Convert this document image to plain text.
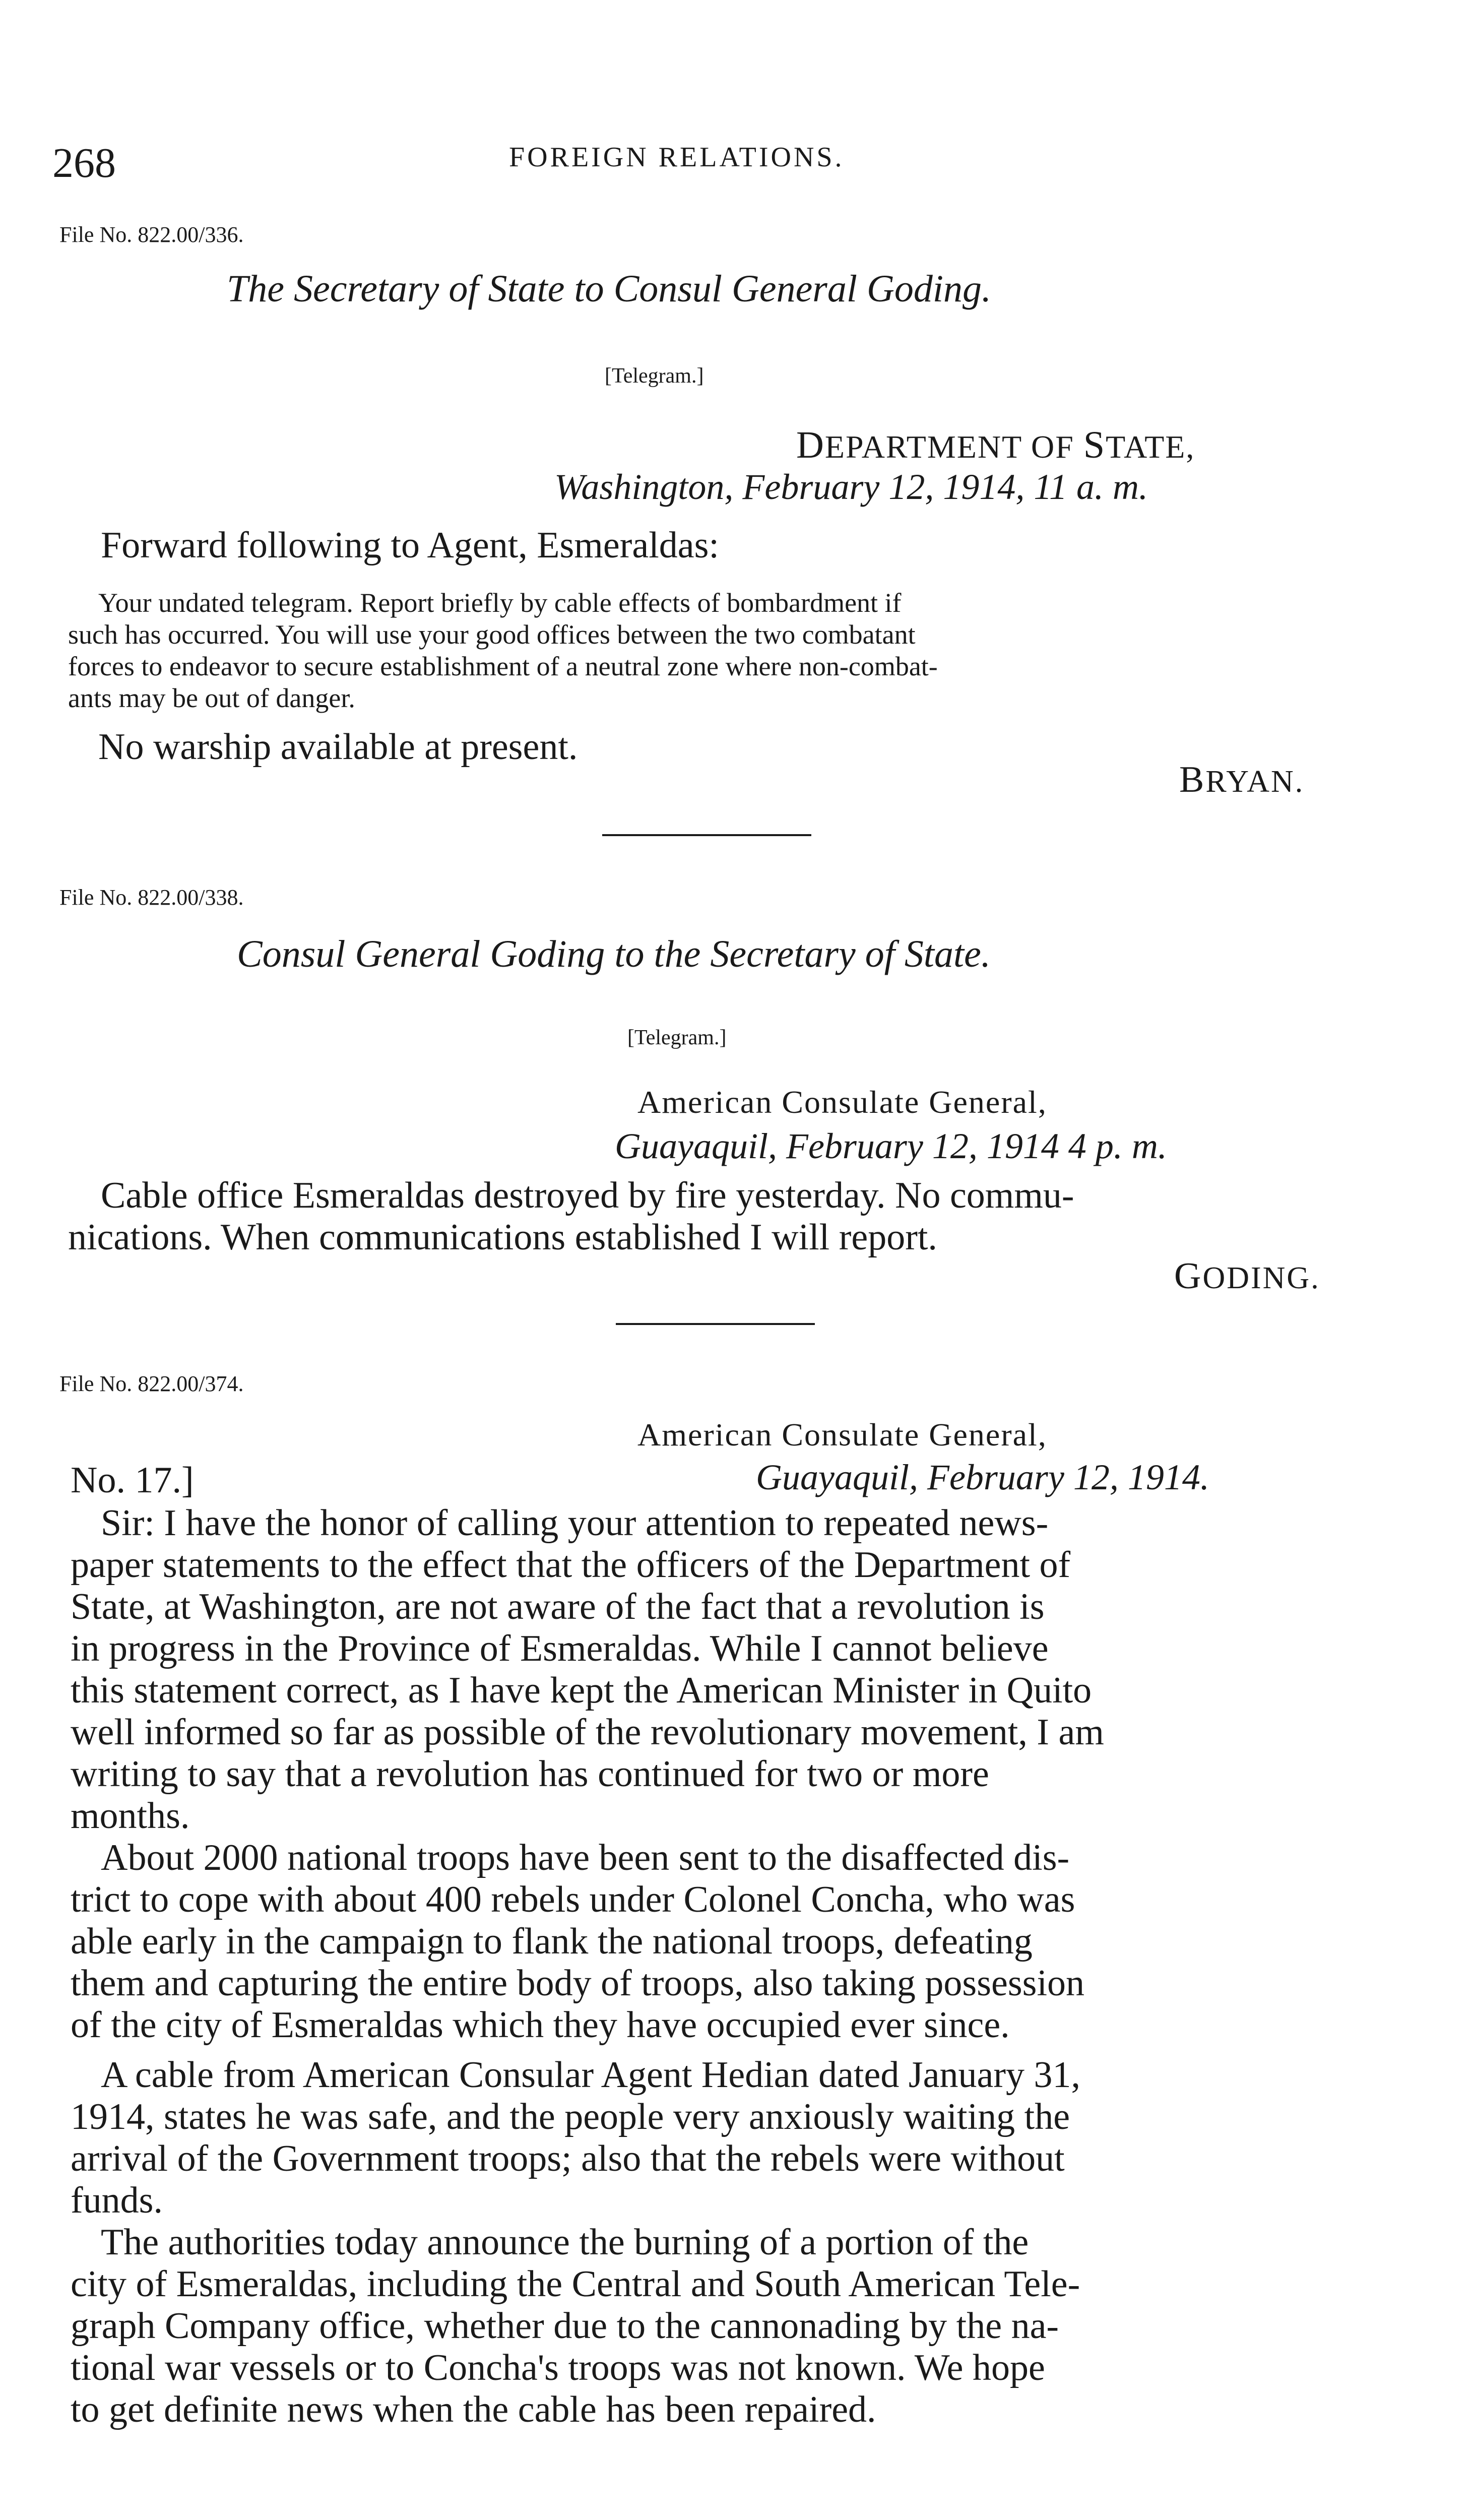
268	FOREIGN RELATIONS.
File No. 822.00/336.
The Secretary of State to Consul General Goding.
[Telegram.]
DEPARTMENT OF STATE,
Washington, February 12, 1914, 11 a. m.
Forward following to Agent, Esmeraldas:
Your undated telegram. Report briefly by cable effects of bombardment if
such has occurred. You will use your good offices between the two combatant
forces to endeavor to secure establishment of a neutral zone where non-combat-
ants may be out of danger.
No warship available at present.
BRYAN.
File No. 822.00/338.
Consul General Goding to the Secretary of State.
[Telegram.]
American Consulate General,
Guayaquil, February 12, 1914 4 p. m.
Cable office Esmeraldas destroyed by fire yesterday. No commu-
nications. When communications established I will report.
GODING.
File No. 822.00/374.
American Consulate General,
No. 17.]	Guayaquil, February 12, 1914.
Sir: I have the honor of calling your attention to repeated news-
paper statements to the effect that the officers of the Department of
State, at Washington, are not aware of the fact that a revolution is
in progress in the Province of Esmeraldas. While I cannot believe
this statement correct, as I have kept the American Minister in Quito
well informed so far as possible of the revolutionary movement, I am
writing to say that a revolution has continued for two or more
months.
About 2000 national troops have been sent to the disaffected dis-
trict to cope with about 400 rebels under Colonel Concha, who was
able early in the campaign to flank the national troops, defeating
them and capturing the entire body of troops, also taking possession
of the city of Esmeraldas which they have occupied ever since.
A cable from American Consular Agent Hedian dated January 31,
1914, states he was safe, and the people very anxiously waiting the
arrival of the Government troops; also that the rebels were without
funds.
The authorities today announce the burning of a portion of the
city of Esmeraldas, including the Central and South American Tele-
graph Company office, whether due to the cannonading by the na-
tional war vessels or to Concha's troops was not known. We hope
to get definite news when the cable has been repaired.
